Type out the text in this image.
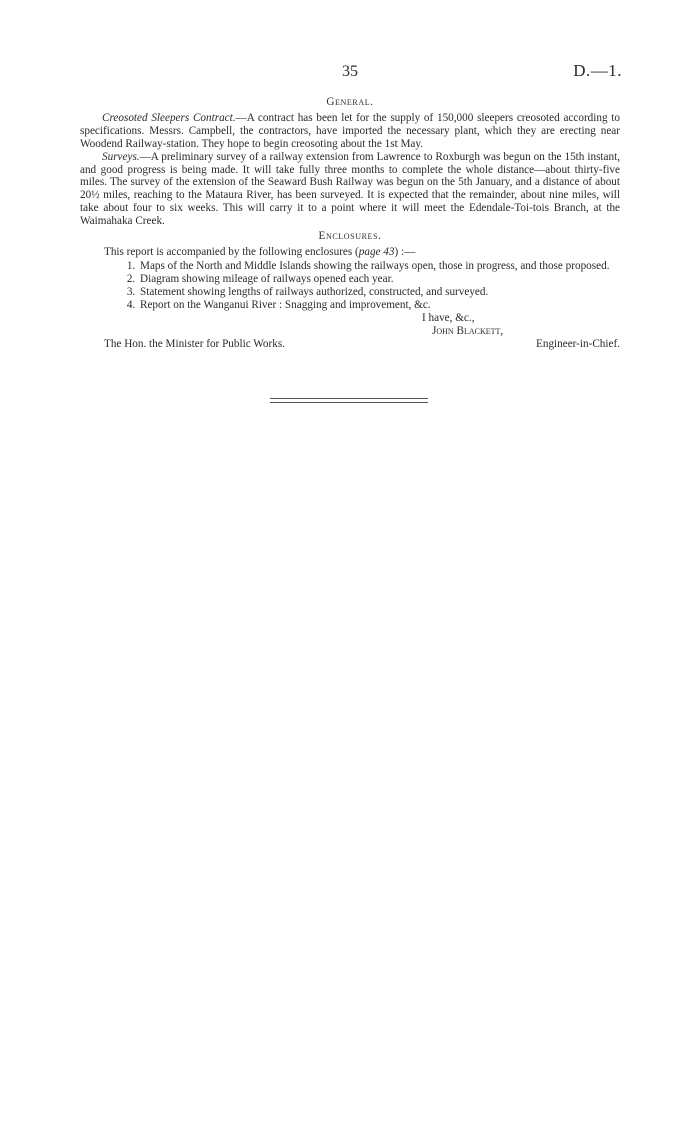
35	D.—1.
General.

Creosoted Sleepers Contract.—A contract has been let for the supply of 150,000 sleepers creosoted according to specifications. Messrs. Campbell, the contractors, have imported the necessary plant, which they are erecting near Woodend Railway-station. They hope to begin creosoting about the 1st May.

Surveys.—A preliminary survey of a railway extension from Lawrence to Roxburgh was begun on the 15th instant, and good progress is being made. It will take fully three months to complete the whole distance—about thirty-five miles. The survey of the extension of the Seaward Bush Railway was begun on the 5th January, and a distance of about 20½ miles, reaching to the Mataura River, has been surveyed. It is expected that the remainder, about nine miles, will take about four to six weeks. This will carry it to a point where it will meet the Edendale-Toi-tois Branch, at the Waimahaka Creek.

Enclosures.
This report is accompanied by the following enclosures (page 43) :—
1. Maps of the North and Middle Islands showing the railways open, those in progress, and those proposed.
2. Diagram showing mileage of railways opened each year.
3. Statement showing lengths of railways authorized, constructed, and surveyed.
4. Report on the Wanganui River : Snagging and improvement, &c.
I have, &c.,
John Blackett,
The Hon. the Minister for Public Works.	Engineer-in-Chief.
